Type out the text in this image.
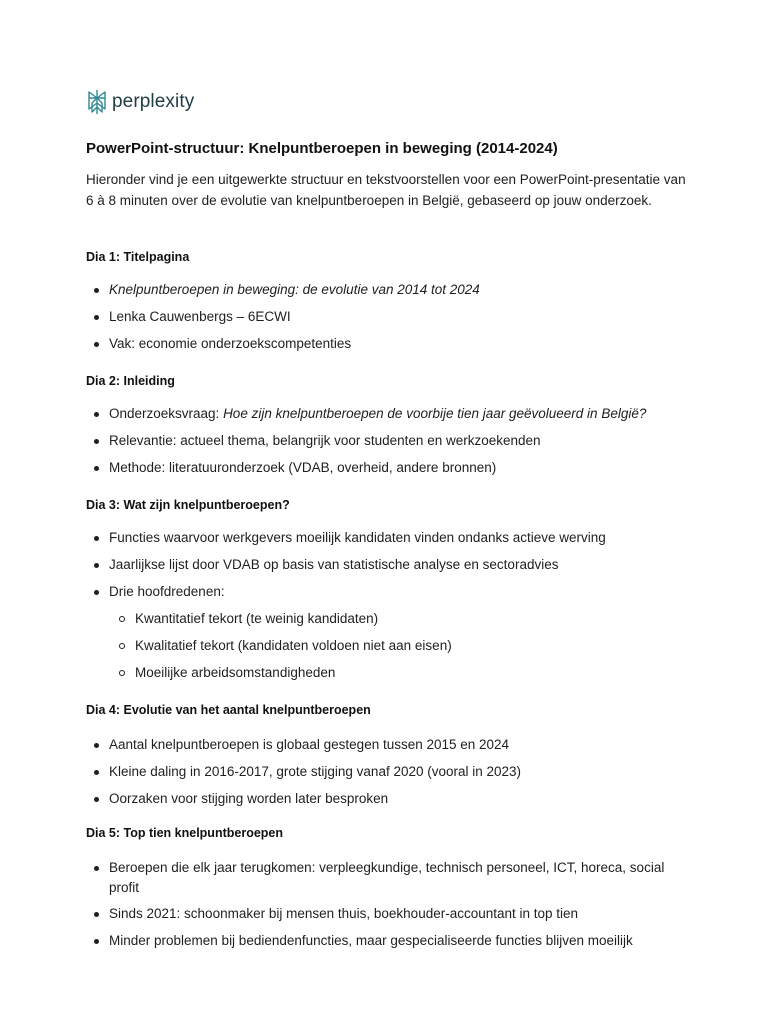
perplexity
PowerPoint-structuur: Knelpuntberoepen in beweging (2014-2024)

Hieronder vind je een uitgewerkte structuur en tekstvoorstellen voor een PowerPoint-presentatie van 6 à 8 minuten over de evolutie van knelpuntberoepen in België, gebaseerd op jouw onderzoek.

Dia 1: Titelpagina
Knelpuntberoepen in beweging: de evolutie van 2014 tot 2024
Lenka Cauwenbergs – 6ECWI
Vak: economie onderzoekscompetenties
Dia 2: Inleiding
Onderzoeksvraag: Hoe zijn knelpuntberoepen de voorbije tien jaar geëvolueerd in België?
Relevantie: actueel thema, belangrijk voor studenten en werkzoekenden
Methode: literatuuronderzoek (VDAB, overheid, andere bronnen)
Dia 3: Wat zijn knelpuntberoepen?
Functies waarvoor werkgevers moeilijk kandidaten vinden ondanks actieve werving
Jaarlijkse lijst door VDAB op basis van statistische analyse en sectoradvies
Drie hoofdredenen:
Kwantitatief tekort (te weinig kandidaten)
Kwalitatief tekort (kandidaten voldoen niet aan eisen)
Moeilijke arbeidsomstandigheden
Dia 4: Evolutie van het aantal knelpuntberoepen
Aantal knelpuntberoepen is globaal gestegen tussen 2015 en 2024
Kleine daling in 2016-2017, grote stijging vanaf 2020 (vooral in 2023)
Oorzaken voor stijging worden later besproken
Dia 5: Top tien knelpuntberoepen
Beroepen die elk jaar terugkomen: verpleegkundige, technisch personeel, ICT, horeca, social profit
Sinds 2021: schoonmaker bij mensen thuis, boekhouder-accountant in top tien
Minder problemen bij bediendenfuncties, maar gespecialiseerde functies blijven moeilijk
